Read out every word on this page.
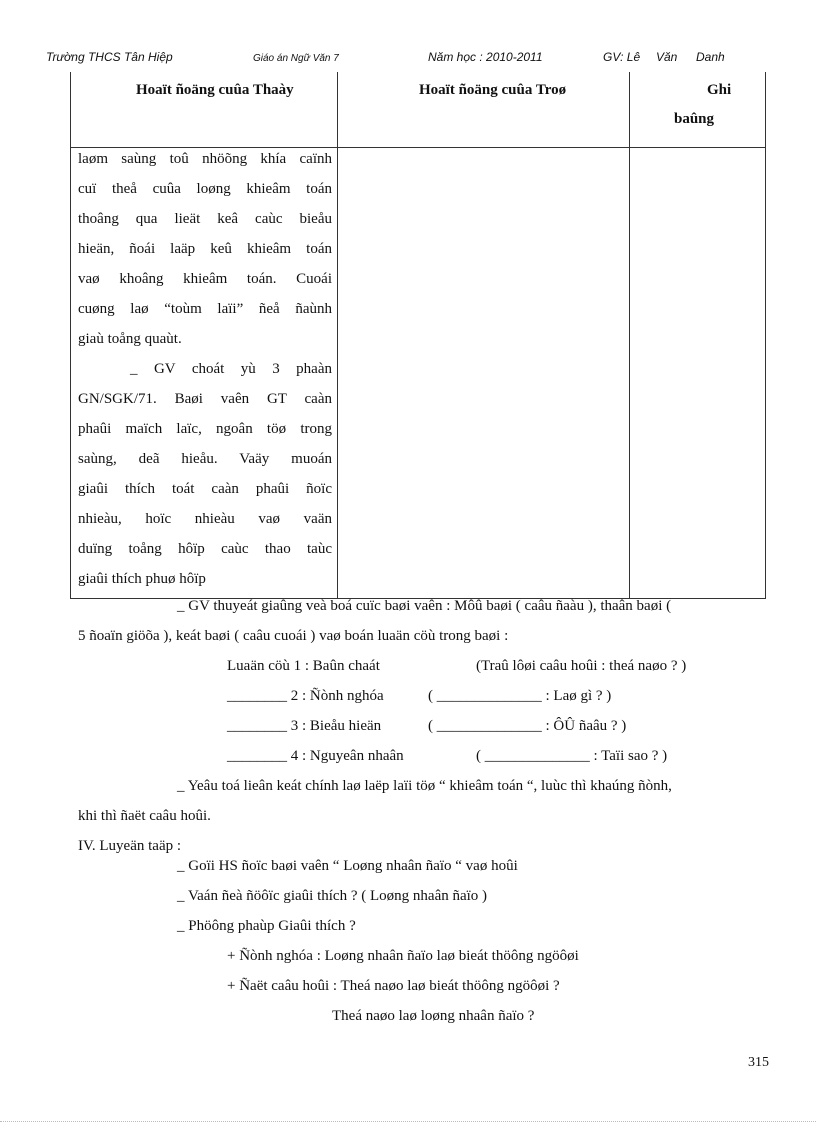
Trường THCS Tân Hiệp	Giáo án Ngữ Văn 7	Năm học : 2010-2011	GV: Lê Văn Danh
Hoaït ñoäng cuûa Thaày	Hoaït ñoäng cuûa Troø	Ghi
baûng
laøm saùng toû nhöõng khía caïnh
cuï theå cuûa loøng khieâm toán
thoâng qua lieät keâ caùc bieåu
hieän, ñoái laäp keû khieâm toán
vaø khoâng khieâm toán. Cuoái
cuøng laø “toùm laïi” ñeå ñaùnh
giaù toång quaùt.
_ GV choát yù 3 phaàn
GN/SGK/71. Baøi vaên GT caàn
phaûi maïch laïc, ngoân töø trong
saùng, deã hieåu. Vaäy muoán
giaûi thích toát caàn phaûi ñoïc
nhieàu, hoïc nhieàu vaø vaän
duïng toång hôïp caùc thao taùc
giaûi thích phuø hôïp
_ GV thuyeát giaûng veà boá cuïc baøi vaên : Môû baøi ( caâu ñaàu ), thaân baøi (
5 ñoaïn giöõa ), keát baøi ( caâu cuoái ) vaø boán luaän cöù trong baøi :
Luaän cöù 1 : Baûn chaát	(Traû lôøi caâu hoûi : theá naøo ? )
________ 2 : Ñònh nghóa	( ______________ : Laø gì ? )
________ 3 : Bieåu hieän	( ______________ : ÔÛ ñaâu ? )
________ 4 : Nguyeân nhaân	( ______________ : Taïi sao ? )
_ Yeâu toá lieân keát chính laø laëp laïi töø “ khieâm toán “, luùc thì khaúng ñònh,
khi thì ñaët caâu hoûi.
IV. Luyeän taäp :
_ Goïi HS ñoïc baøi vaên “ Loøng nhaân ñaïo “ vaø hoûi
_ Vaán ñeà ñöôïc giaûi thích ? ( Loøng nhaân ñaïo )
_ Phöông phaùp Giaûi thích ?
+ Ñònh nghóa : Loøng nhaân ñaïo laø bieát thöông ngöôøi
+ Ñaët caâu hoûi : Theá naøo laø bieát thöông ngöôøi ?
Theá naøo laø loøng nhaân ñaïo ?
315
